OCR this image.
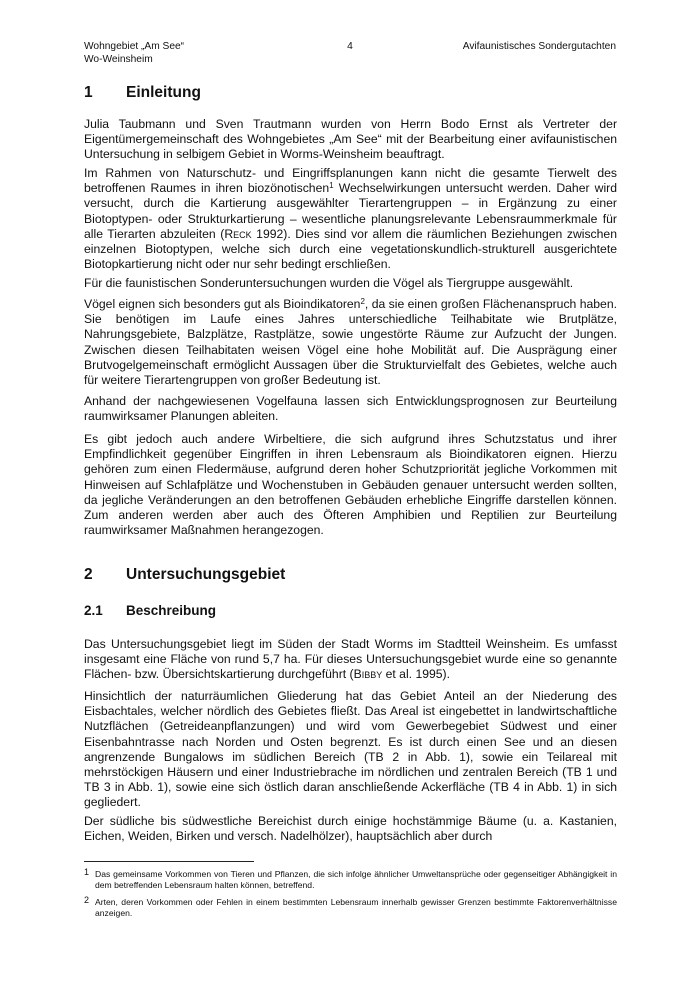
Wohngebiet „Am See“
Wo-Weinsheim
4	Avifaunistisches Sondergutachten
1 Einleitung

Julia Taubmann und Sven Trautmann wurden von Herrn Bodo Ernst als Vertreter der Eigentümergemeinschaft des Wohngebietes „Am See“ mit der Bearbeitung einer avifaunistischen Untersuchung in selbigem Gebiet in Worms-Weinsheim beauftragt.

Im Rahmen von Naturschutz- und Eingriffsplanungen kann nicht die gesamte Tierwelt des betroffenen Raumes in ihren biozönotischen$^1$ Wechselwirkungen untersucht werden. Daher wird versucht, durch die Kartierung ausgewählter Tierartengruppen – in Ergänzung zu einer Biotoptypen- oder Strukturkartierung – wesentliche planungsrelevante Lebensraummerkmale für alle Tierarten abzuleiten (Reck 1992). Dies sind vor allem die räumlichen Beziehungen zwischen einzelnen Biotoptypen, welche sich durch eine vegetationskundlich-strukturell ausgerichtete Biotopkartierung nicht oder nur sehr bedingt erschließen.

Für die faunistischen Sonderuntersuchungen wurden die Vögel als Tiergruppe ausgewählt.

Vögel eignen sich besonders gut als Bioindikatoren$^2$, da sie einen großen Flächenanspruch haben. Sie benötigen im Laufe eines Jahres unterschiedliche Teilhabitate wie Brutplätze, Nahrungsgebiete, Balzplätze, Rastplätze, sowie ungestörte Räume zur Aufzucht der Jungen. Zwischen diesen Teilhabitaten weisen Vögel eine hohe Mobilität auf. Die Ausprägung einer Brutvogelgemeinschaft ermöglicht Aussagen über die Strukturvielfalt des Gebietes, welche auch für weitere Tierartengruppen von großer Bedeutung ist.

Anhand der nachgewiesenen Vogelfauna lassen sich Entwicklungsprognosen zur Beurteilung raumwirksamer Planungen ableiten.

Es gibt jedoch auch andere Wirbeltiere, die sich aufgrund ihres Schutzstatus und ihrer Empfindlichkeit gegenüber Eingriffen in ihren Lebensraum als Bioindikatoren eignen. Hierzu gehören zum einen Fledermäuse, aufgrund deren hoher Schutzpriorität jegliche Vorkommen mit Hinweisen auf Schlafplätze und Wochenstuben in Gebäuden genauer untersucht werden sollten, da jegliche Veränderungen an den betroffenen Gebäuden erhebliche Eingriffe darstellen können. Zum anderen werden aber auch des Öfteren Amphibien und Reptilien zur Beurteilung raumwirksamer Maßnahmen herangezogen.

2 Untersuchungsgebiet
2.1 Beschreibung

Das Untersuchungsgebiet liegt im Süden der Stadt Worms im Stadtteil Weinsheim. Es umfasst insgesamt eine Fläche von rund 5,7 ha. Für dieses Untersuchungsgebiet wurde eine so genannte Flächen- bzw. Übersichtskartierung durchgeführt (Bibby et al. 1995).

Hinsichtlich der naturräumlichen Gliederung hat das Gebiet Anteil an der Niederung des Eisbachtales, welcher nördlich des Gebietes fließt. Das Areal ist eingebettet in landwirtschaftliche Nutzflächen (Getreideanpflanzungen) und wird vom Gewerbegebiet Südwest und einer Eisenbahntrasse nach Norden und Osten begrenzt. Es ist durch einen See und an diesen angrenzende Bungalows im südlichen Bereich (TB 2 in Abb. 1), sowie ein Teilareal mit mehrstöckigen Häusern und einer Industriebrache im nördlichen und zentralen Bereich (TB 1 und TB 3 in Abb. 1), sowie eine sich östlich daran anschließende Ackerfläche (TB 4 in Abb. 1) in sich gegliedert.

Der südliche bis südwestliche Bereichist durch einige hochstämmige Bäume (u. a. Kastanien, Eichen, Weiden, Birken und versch. Nadelhölzer), hauptsächlich aber durch

1 Das gemeinsame Vorkommen von Tieren und Pflanzen, die sich infolge ähnlicher Umweltansprüche oder gegenseitiger Abhängigkeit in dem betreffenden Lebensraum halten können, betreffend.
2 Arten, deren Vorkommen oder Fehlen in einem bestimmten Lebensraum innerhalb gewisser Grenzen bestimmte Faktorenverhältnisse anzeigen.
